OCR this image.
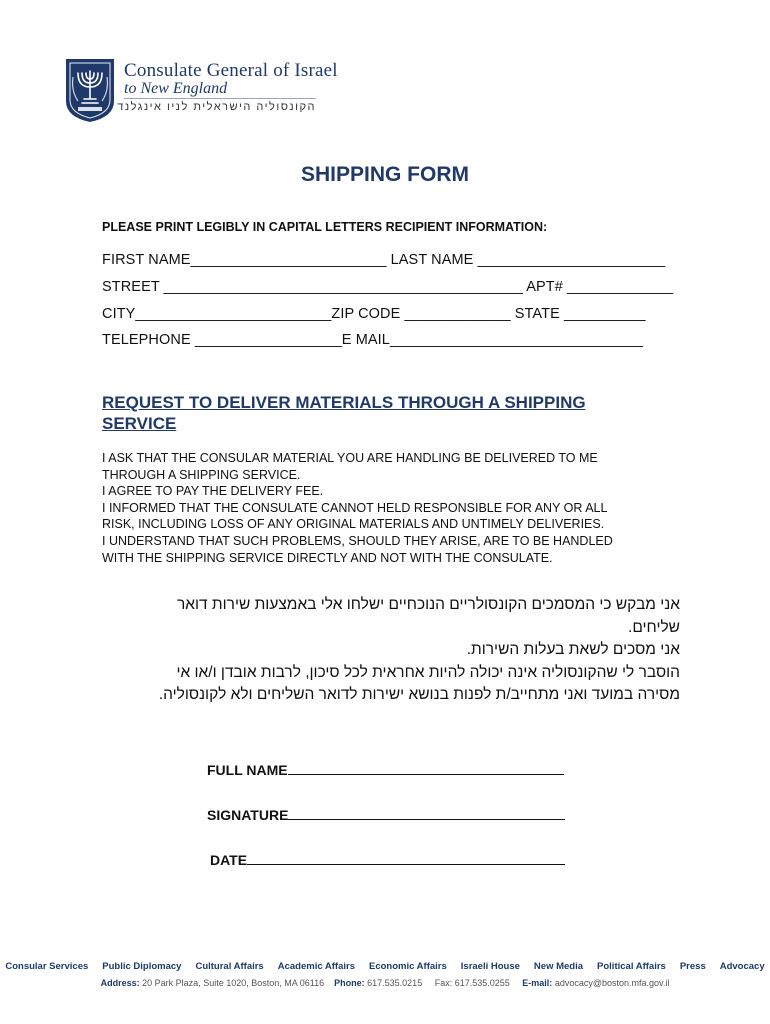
Consulate General of Israel
to New England
הקונסוליה הישראלית לניו אינגלנד
SHIPPING FORM
PLEASE PRINT LEGIBLY IN CAPITAL LETTERS RECIPIENT INFORMATION:
FIRST NAME________________________ LAST NAME _______________________
STREET ____________________________________________ APT# _____________
CITY________________________ZIP CODE _____________ STATE __________
TELEPHONE __________________E MAIL_______________________________
REQUEST TO DELIVER MATERIALS THROUGH A SHIPPING SERVICE
I ASK THAT THE CONSULAR MATERIAL YOU ARE HANDLING BE DELIVERED TO ME
THROUGH A SHIPPING SERVICE.
I AGREE TO PAY THE DELIVERY FEE.
I INFORMED THAT THE CONSULATE CANNOT HELD RESPONSIBLE FOR ANY OR ALL
RISK, INCLUDING LOSS OF ANY ORIGINAL MATERIALS AND UNTIMELY DELIVERIES.
I UNDERSTAND THAT SUCH PROBLEMS, SHOULD THEY ARISE, ARE TO BE HANDLED
WITH THE SHIPPING SERVICE DIRECTLY AND NOT WITH THE CONSULATE.
אני מבקש כי המסמכים הקונסולריים הנוכחיים ישלחו אלי באמצעות שירות דואר
שליחים.
אני מסכים לשאת בעלות השירות.
הוסבר לי שהקונסוליה אינה יכולה להיות אחראית לכל סיכון, לרבות אובדן ו/או אי
מסירה במועד ואני מתחייב/ת לפנות בנושא ישירות לדואר השליחים ולא לקונסוליה.
FULL NAME
SIGNATURE
DATE
Consular Services Public Diplomacy Cultural Affairs Academic Affairs Economic Affairs Israeli House New Media Political Affairs Press Advocacy
Address: 20 Park Plaza, Suite 1020, Boston, MA 06116 Phone: 617.535.0215 Fax: 617.535.0255 E-mail: advocacy@boston.mfa.gov.il
